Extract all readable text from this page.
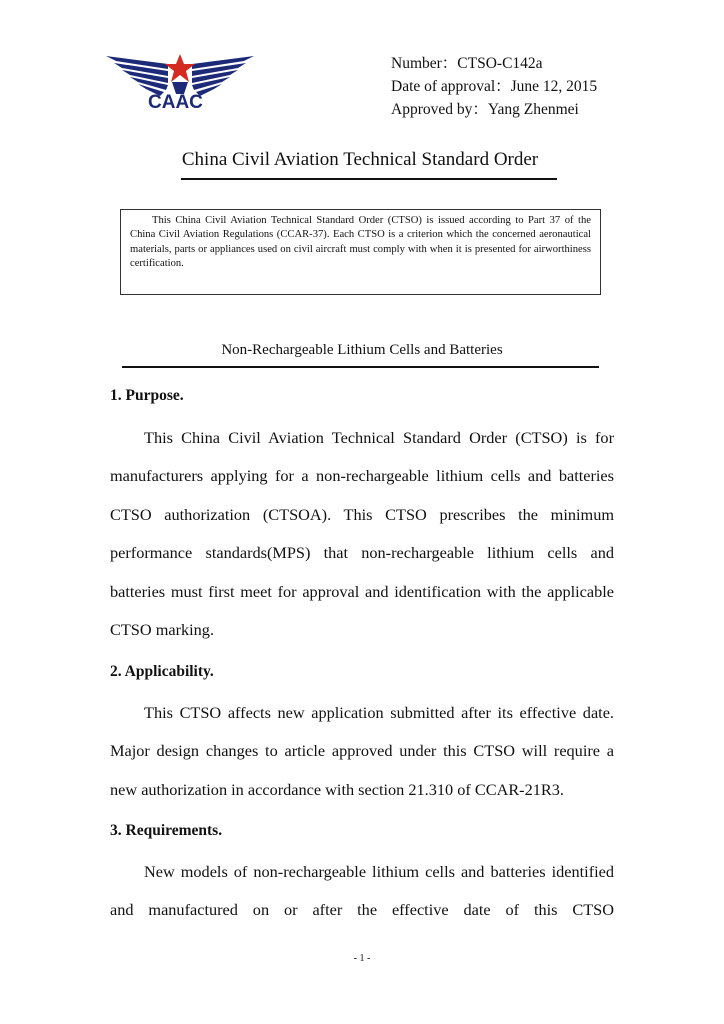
CAAC
Number：CTSO-C142a
Date of approval：June 12, 2015
Approved by：Yang Zhenmei
China Civil Aviation Technical Standard Order

This China Civil Aviation Technical Standard Order (CTSO) is issued according to Part 37 of the China Civil Aviation Regulations (CCAR-37). Each CTSO is a criterion which the concerned aeronautical materials, parts or appliances used on civil aircraft must comply with when it is presented for airworthiness certification.

Non-Rechargeable Lithium Cells and Batteries
1. Purpose.

This China Civil Aviation Technical Standard Order (CTSO) is for manufacturers applying for a non-rechargeable lithium cells and batteries CTSO authorization (CTSOA). This CTSO prescribes the minimum performance standards(MPS) that non-rechargeable lithium cells and batteries must first meet for approval and identification with the applicable CTSO marking.

2. Applicability.

This CTSO affects new application submitted after its effective date. Major design changes to article approved under this CTSO will require a new authorization in accordance with section 21.310 of CCAR-21R3.

3. Requirements.

New models of non-rechargeable lithium cells and batteries identified and manufactured on or after the effective date of this CTSO

- 1 -
